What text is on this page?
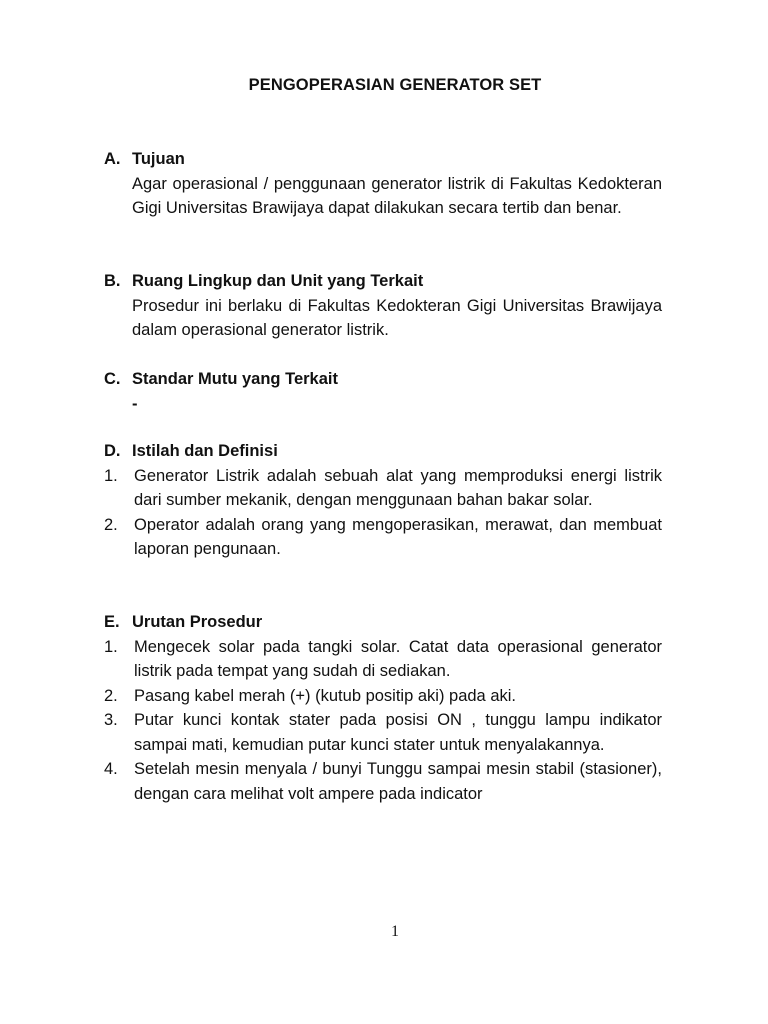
PENGOPERASIAN GENERATOR SET
A. Tujuan

Agar operasional / penggunaan generator listrik di Fakultas Kedokteran Gigi Universitas Brawijaya dapat dilakukan secara tertib dan benar.

B. Ruang Lingkup dan Unit yang Terkait

Prosedur ini berlaku di Fakultas Kedokteran Gigi Universitas Brawijaya dalam operasional generator listrik.

C. Standar Mutu yang Terkait
-
D. Istilah dan Definisi
1. Generator Listrik adalah sebuah alat yang memproduksi energi listrik dari sumber mekanik, dengan menggunaan bahan bakar solar.
2. Operator adalah orang yang mengoperasikan, merawat, dan membuat laporan pengunaan.
E. Urutan Prosedur
1. Mengecek solar pada tangki solar. Catat data operasional generator listrik pada tempat yang sudah di sediakan.
2. Pasang kabel merah (+) (kutub positip aki) pada aki.
3. Putar kunci kontak stater pada posisi ON , tunggu lampu indikator sampai mati, kemudian putar kunci stater untuk menyalakannya.
4. Setelah mesin menyala / bunyi Tunggu sampai mesin stabil (stasioner), dengan cara melihat volt ampere pada indicator
1
